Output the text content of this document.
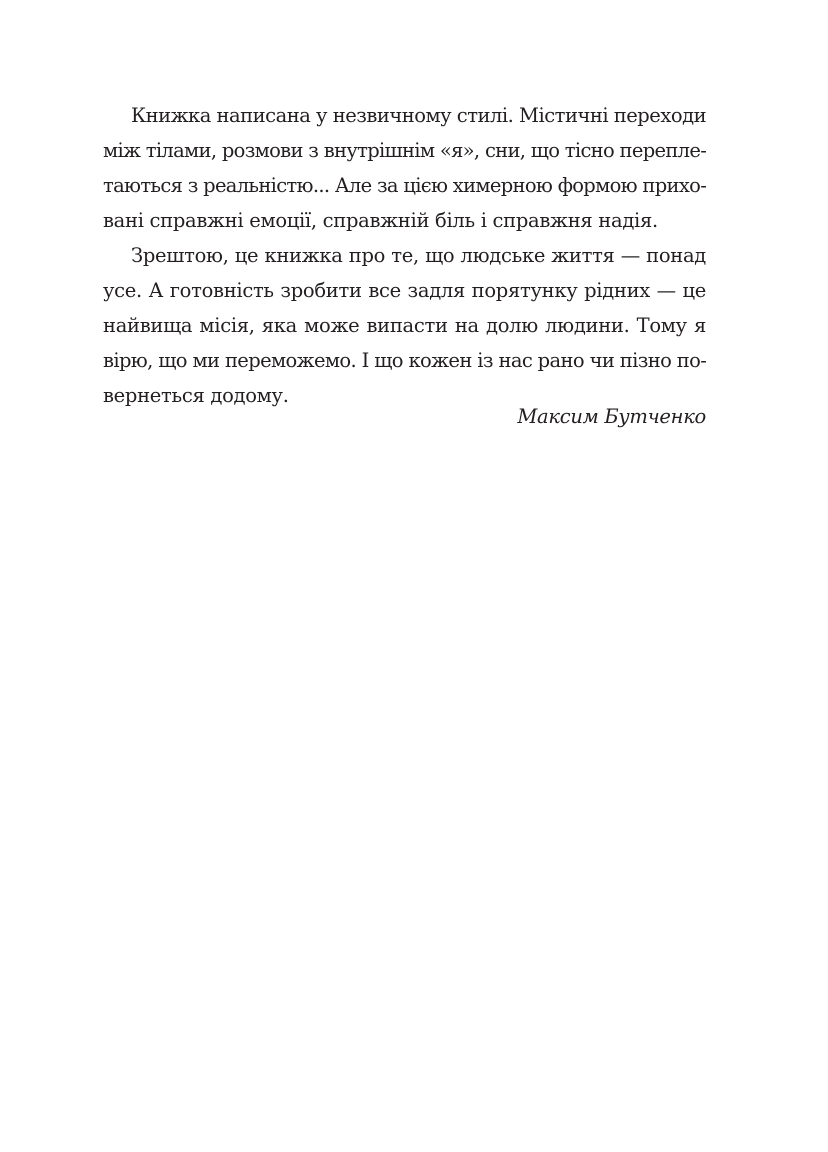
Книжка написана у незвичному стилі. Містичні переходи
між тілами, розмови з внутрішнім «я», сни, що тісно перепле-
таються з реальністю... Але за цією химерною формою прихо-
вані справжні емоції, справжній біль і справжня надія.
Зрештою, це книжка про те, що людське життя — понад
усе. А готовність зробити все задля порятунку рідних — це
найвища місія, яка може випасти на долю людини. Тому я
вірю, що ми переможемо. І що кожен із нас рано чи пізно по-
вернеться додому.
Максим Бутченко
